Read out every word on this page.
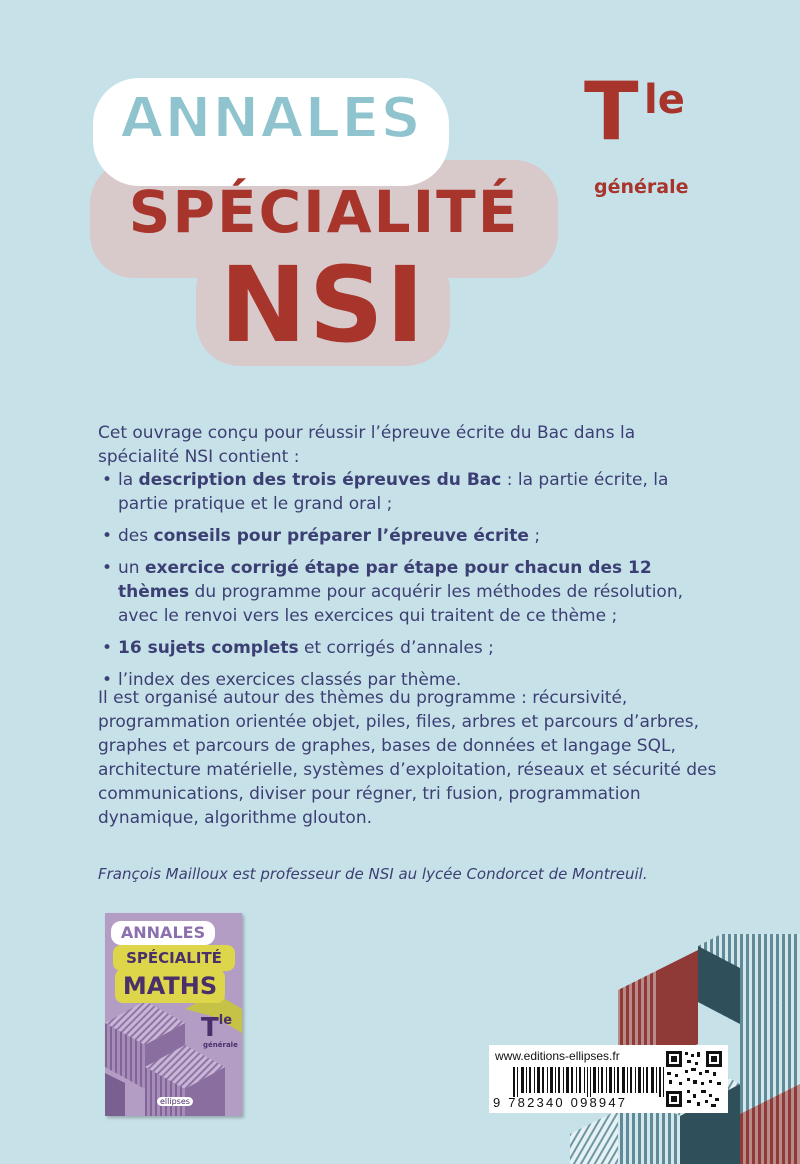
ANNALES
SPÉCIALITÉ
NSI
T le
générale
Cet ouvrage conçu pour réussir l’épreuve écrite du Bac dans la spécialité NSI contient :
• la description des trois épreuves du Bac : la partie écrite, la partie pratique et le grand oral ;
• des conseils pour préparer l’épreuve écrite ;
• un exercice corrigé étape par étape pour chacun des 12 thèmes du programme pour acquérir les méthodes de résolution, avec le renvoi vers les exercices qui traitent de ce thème ;
• 16 sujets complets et corrigés d’annales ;
• l’index des exercices classés par thème.
Il est organisé autour des thèmes du programme : récursivité, programmation orientée objet, piles, files, arbres et parcours d’arbres, graphes et parcours de graphes, bases de données et langage SQL, architecture matérielle, systèmes d’exploitation, réseaux et sécurité des communications, diviser pour régner, tri fusion, programmation dynamique, algorithme glouton.
François Mailloux est professeur de NSI au lycée Condorcet de Montreuil.
ANNALES
SPÉCIALITÉ
MATHS
$T^{le}$
générale
ellipses
www.editions-ellipses.fr
9 782340 098947
